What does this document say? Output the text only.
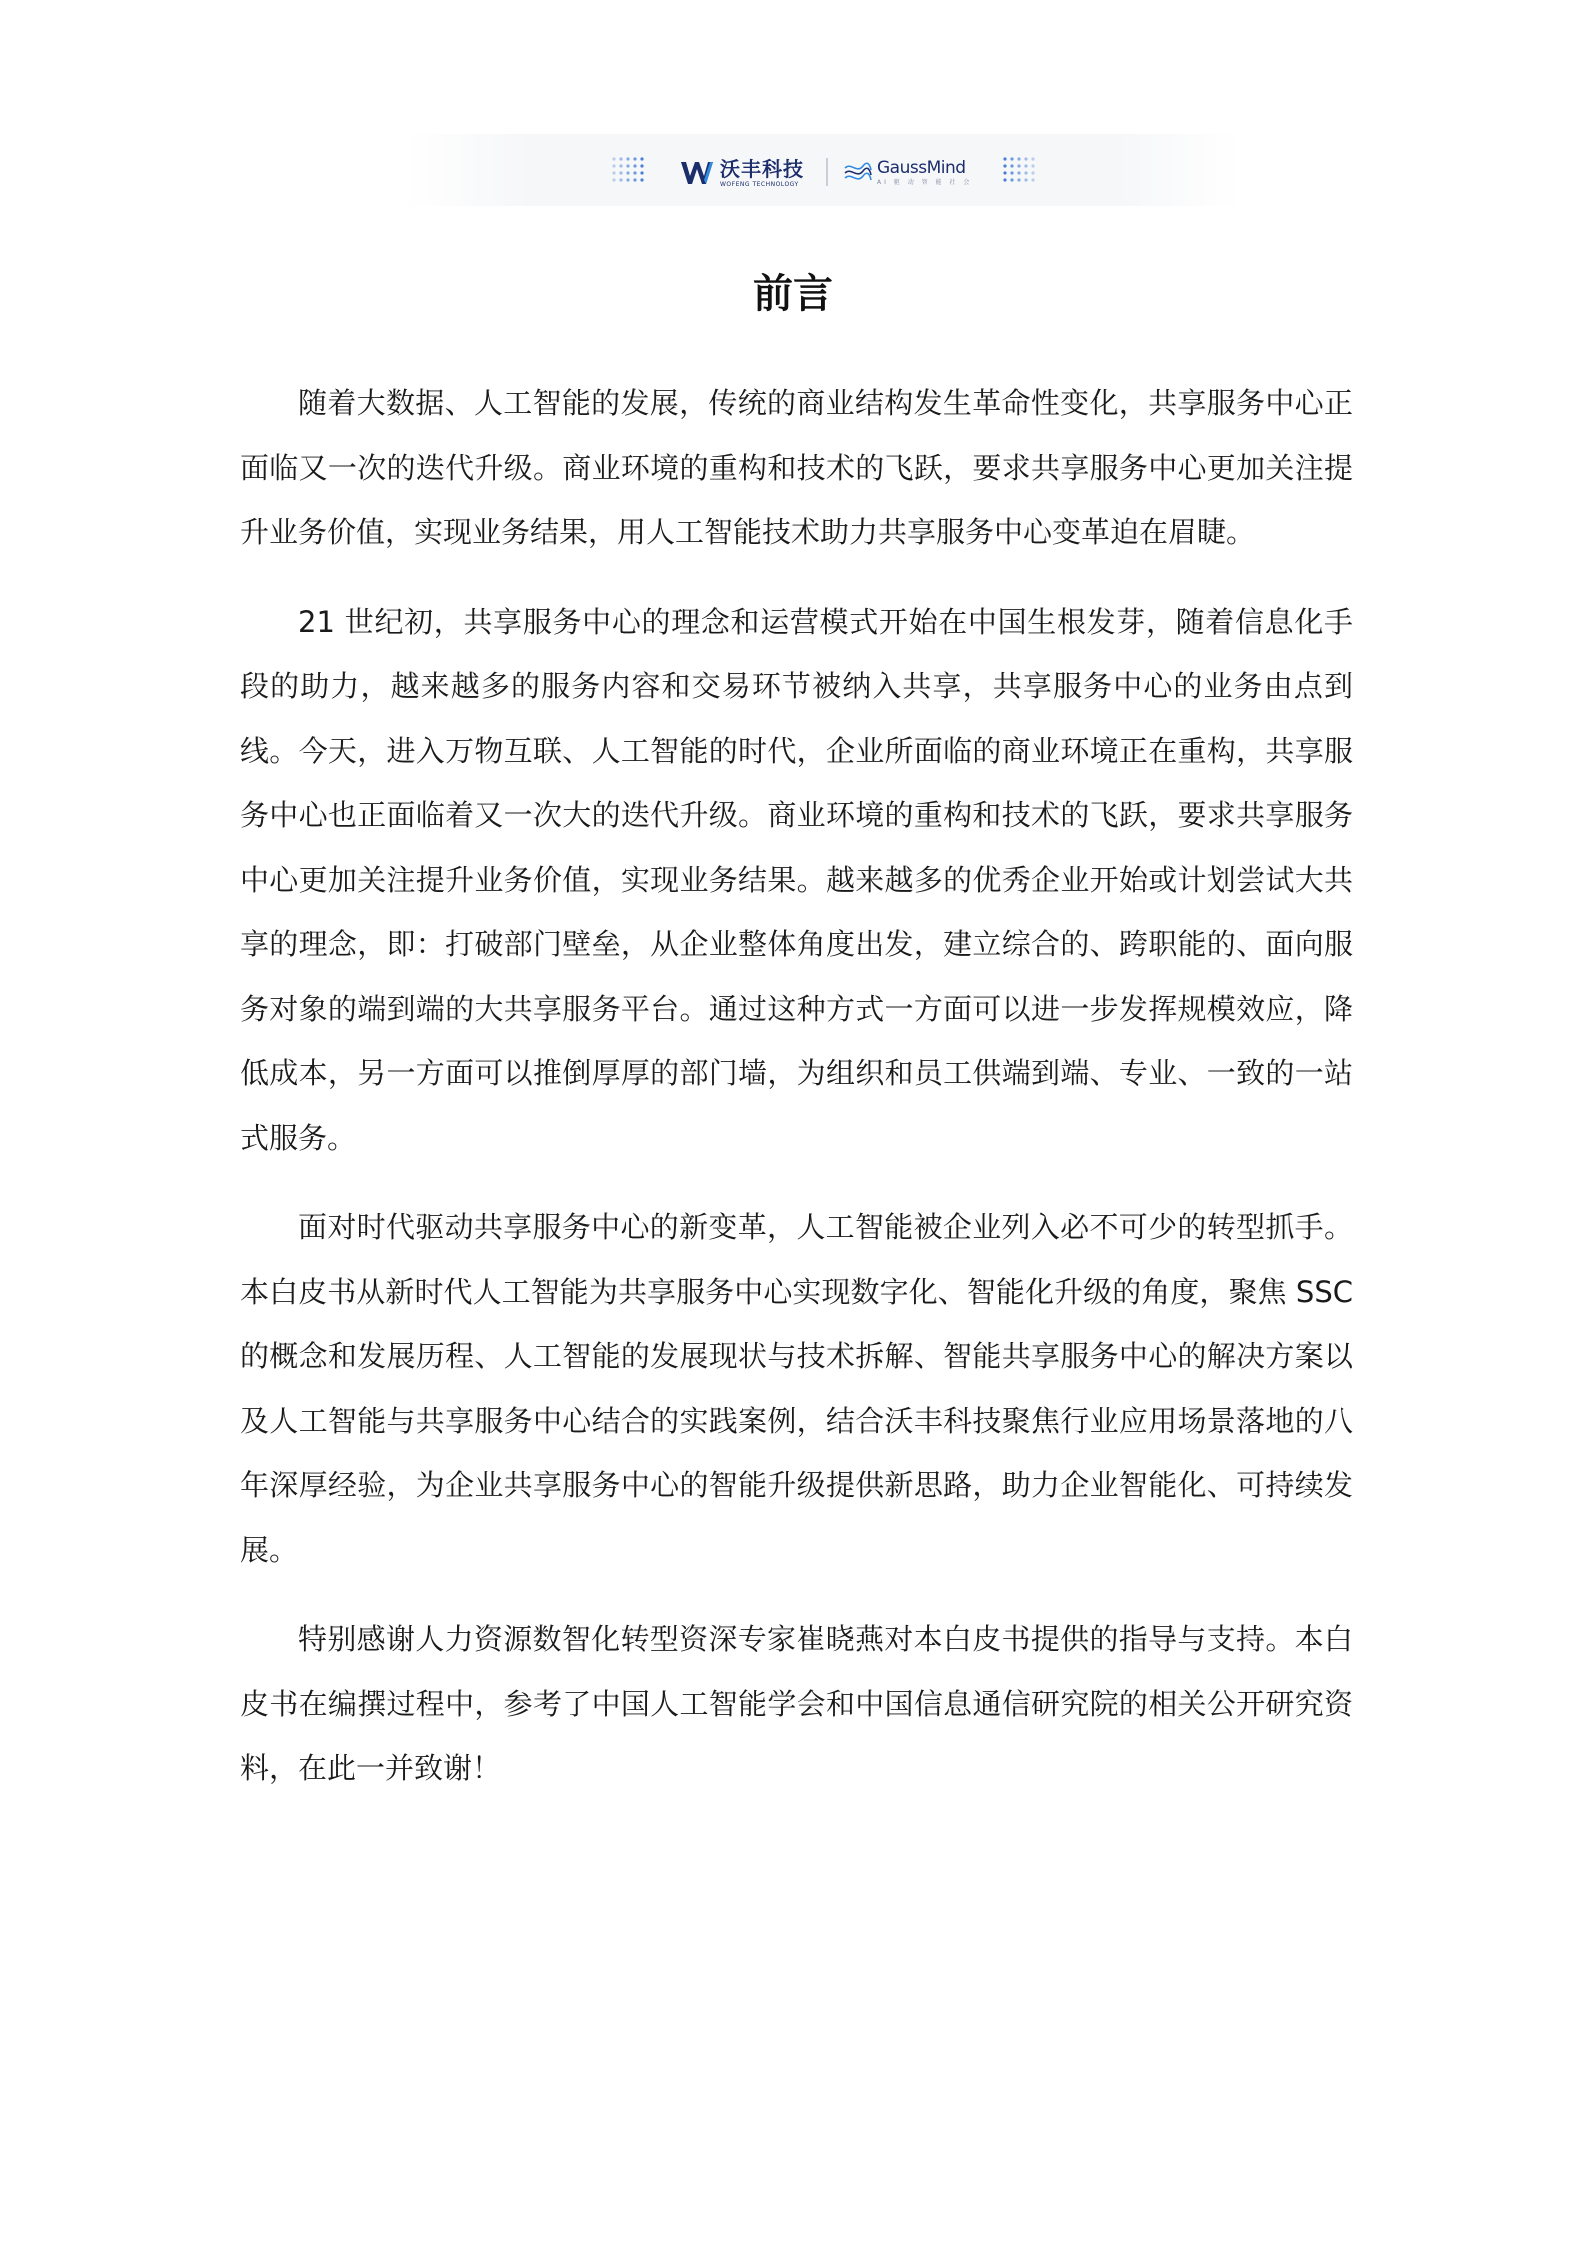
沃丰科技
WOFENG TECHNOLOGY
GaussMind
AI 驱 动 智 能 社 会
前言

随着大数据、人工智能的发展，传统的商业结构发生革命性变化，共享服务中心正面临又一次的迭代升级。商业环境的重构和技术的飞跃，要求共享服务中心更加关注提升业务价值，实现业务结果，用人工智能技术助力共享服务中心变革迫在眉睫。

21 世纪初，共享服务中心的理念和运营模式开始在中国生根发芽，随着信息化手段的助力，越来越多的服务内容和交易环节被纳入共享，共享服务中心的业务由点到线。今天，进入万物互联、人工智能的时代，企业所面临的商业环境正在重构，共享服务中心也正面临着又一次大的迭代升级。商业环境的重构和技术的飞跃，要求共享服务中心更加关注提升业务价值，实现业务结果。越来越多的优秀企业开始或计划尝试大共享的理念，即：打破部门壁垒，从企业整体角度出发，建立综合的、跨职能的、面向服务对象的端到端的大共享服务平台。通过这种方式一方面可以进一步发挥规模效应，降低成本，另一方面可以推倒厚厚的部门墙，为组织和员工供端到端、专业、一致的一站式服务。

面对时代驱动共享服务中心的新变革，人工智能被企业列入必不可少的转型抓手。本白皮书从新时代人工智能为共享服务中心实现数字化、智能化升级的角度，聚焦 SSC 的概念和发展历程、人工智能的发展现状与技术拆解、智能共享服务中心的解决方案以及人工智能与共享服务中心结合的实践案例，结合沃丰科技聚焦行业应用场景落地的八年深厚经验，为企业共享服务中心的智能升级提供新思路，助力企业智能化、可持续发展。

特别感谢人力资源数智化转型资深专家崔晓燕对本白皮书提供的指导与支持。本白皮书在编撰过程中，参考了中国人工智能学会和中国信息通信研究院的相关公开研究资料，在此一并致谢！
